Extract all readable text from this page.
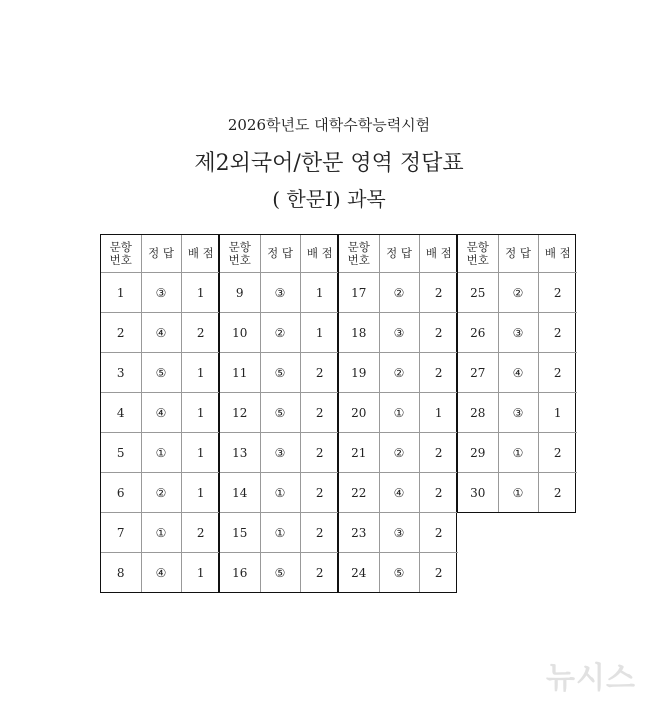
2026학년도 대학수학능력시험
제2외국어/한문 영역 정답표
( 한문Ⅰ) 과목
문항 번호	정 답	배 점
1	③	1
2	④	2
3	⑤	1
4	④	1
5	①	1
6	②	1
7	①	2
8	④	1
문항 번호	정 답	배 점
9	③	1
10	②	1
11	⑤	2
12	⑤	2
13	③	2
14	①	2
15	①	2
16	⑤	2
문항 번호	정 답	배 점
17	②	2
18	③	2
19	②	2
20	①	1
21	②	2
22	④	2
23	③	2
24	⑤	2
문항 번호	정 답	배 점
25	②	2
26	③	2
27	④	2
28	③	1
29	①	2
30	①	2
뉴시스
